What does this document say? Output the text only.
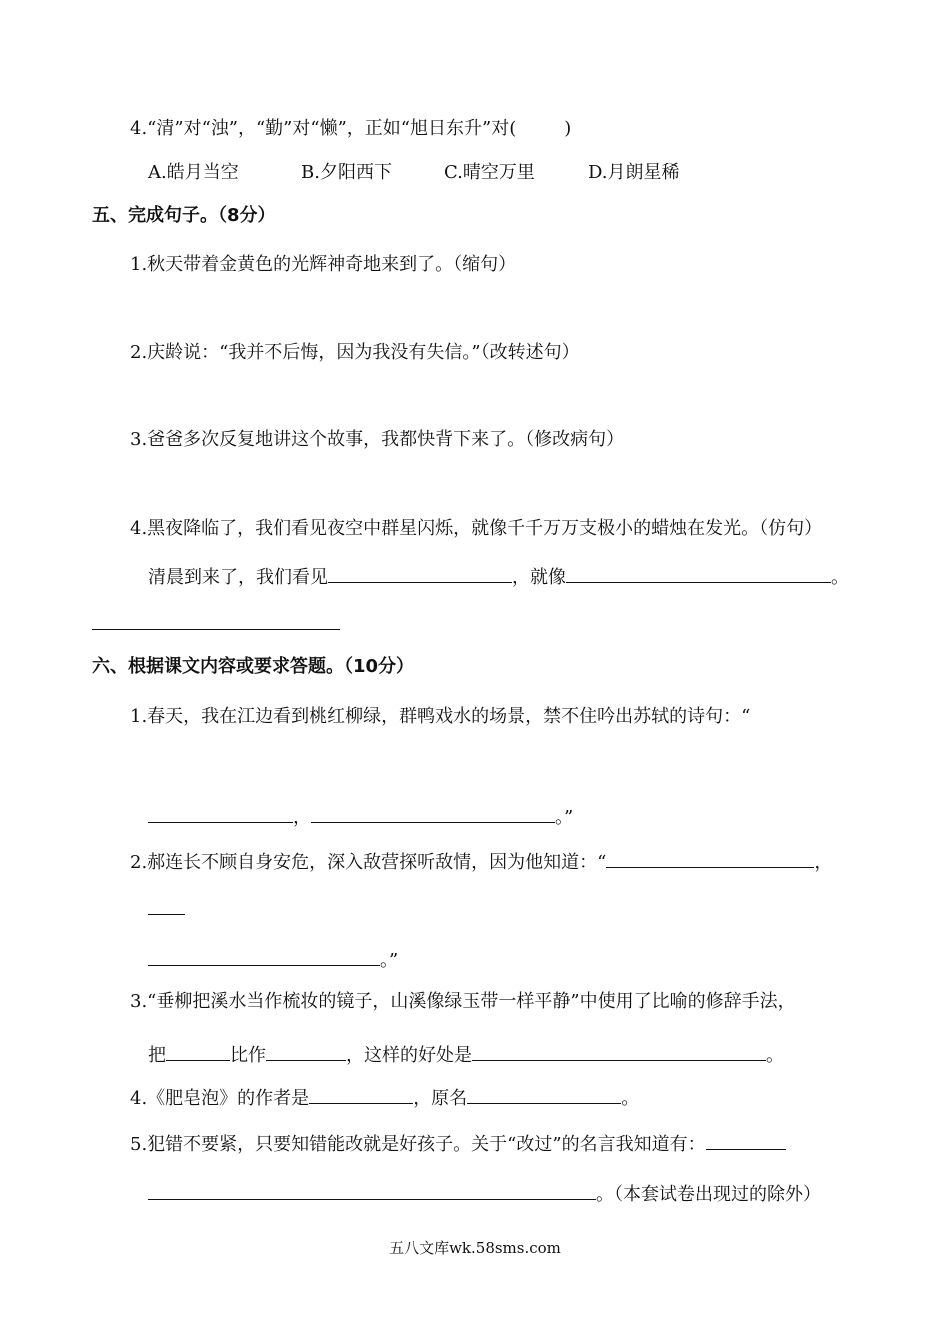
4.“清”对“浊”，“勤”对“懒”，正如“旭日东升”对(	)
A.皓月当空	B.夕阳西下	C.晴空万里	D.月朗星稀
五、完成句子。（8分）
1.秋天带着金黄色的光辉神奇地来到了。（缩句）
2.庆龄说：“我并不后悔，因为我没有失信。”（改转述句）
3.爸爸多次反复地讲这个故事，我都快背下来了。（修改病句）
4.黑夜降临了，我们看见夜空中群星闪烁，就像千千万万支极小的蜡烛在发光。（仿句）
清晨到来了，我们看见	，就像	。
六、根据课文内容或要求答题。（10分）
1.春天，我在江边看到桃红柳绿，群鸭戏水的场景，禁不住吟出苏轼的诗句：“
，	。”
2.郝连长不顾自身安危，深入敌营探听敌情，因为他知道：“	，
。”
3.“垂柳把溪水当作梳妆的镜子，山溪像绿玉带一样平静”中使用了比喻的修辞手法，
把	比作	，这样的好处是	。
4.《肥皂泡》的作者是	，原名	。
5.犯错不要紧，只要知错能改就是好孩子。关于“改过”的名言我知道有：
。（本套试卷出现过的除外）
五八文库wk.58sms.com
